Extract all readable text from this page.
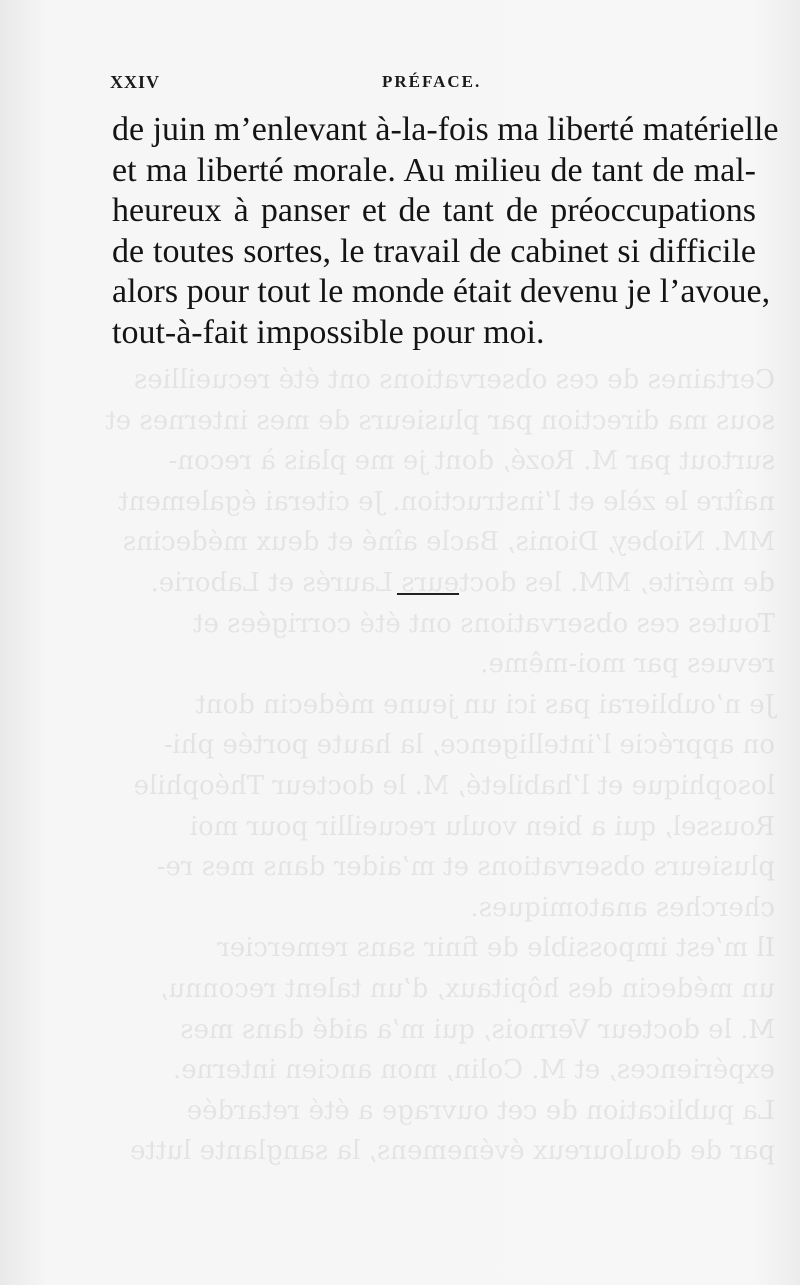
Certaines de ces observations ont été recueillies
sous ma direction par plusieurs de mes internes et
surtout par M. Rozé, dont je me plais à recon-
naître le zèle et l’instruction. Je citerai également
MM. Niobey, Dionis, Bacle aîné et deux médecins
de mérite, MM. les docteurs Laurés et Laborie.
Toutes ces observations ont été corrigées et
revues par moi-même.
Je n’oublierai pas ici un jeune médecin dont
on apprécie l’intelligence, la haute portée phi-
losophique et l’habileté, M. le docteur Théophile
Roussel, qui a bien voulu recueillir pour moi
plusieurs observations et m’aider dans mes re-
cherches anatomiques.
Il m’est impossible de finir sans remercier
un médecin des hôpitaux, d’un talent reconnu,
M. le docteur Vernois, qui m’a aidé dans mes
expériences, et M. Colin, mon ancien interne.
La publication de cet ouvrage a été retardée
par de douloureux événemens, la sanglante lutte
XXIV	PRÉFACE.
de juin m’enlevant à-la-fois ma liberté matérielle
et ma liberté morale. Au milieu de tant de mal-
heureux à panser et de tant de préoccupations
de toutes sortes, le travail de cabinet si difficile
alors pour tout le monde était devenu je l’avoue,
tout-à-fait impossible pour moi.
